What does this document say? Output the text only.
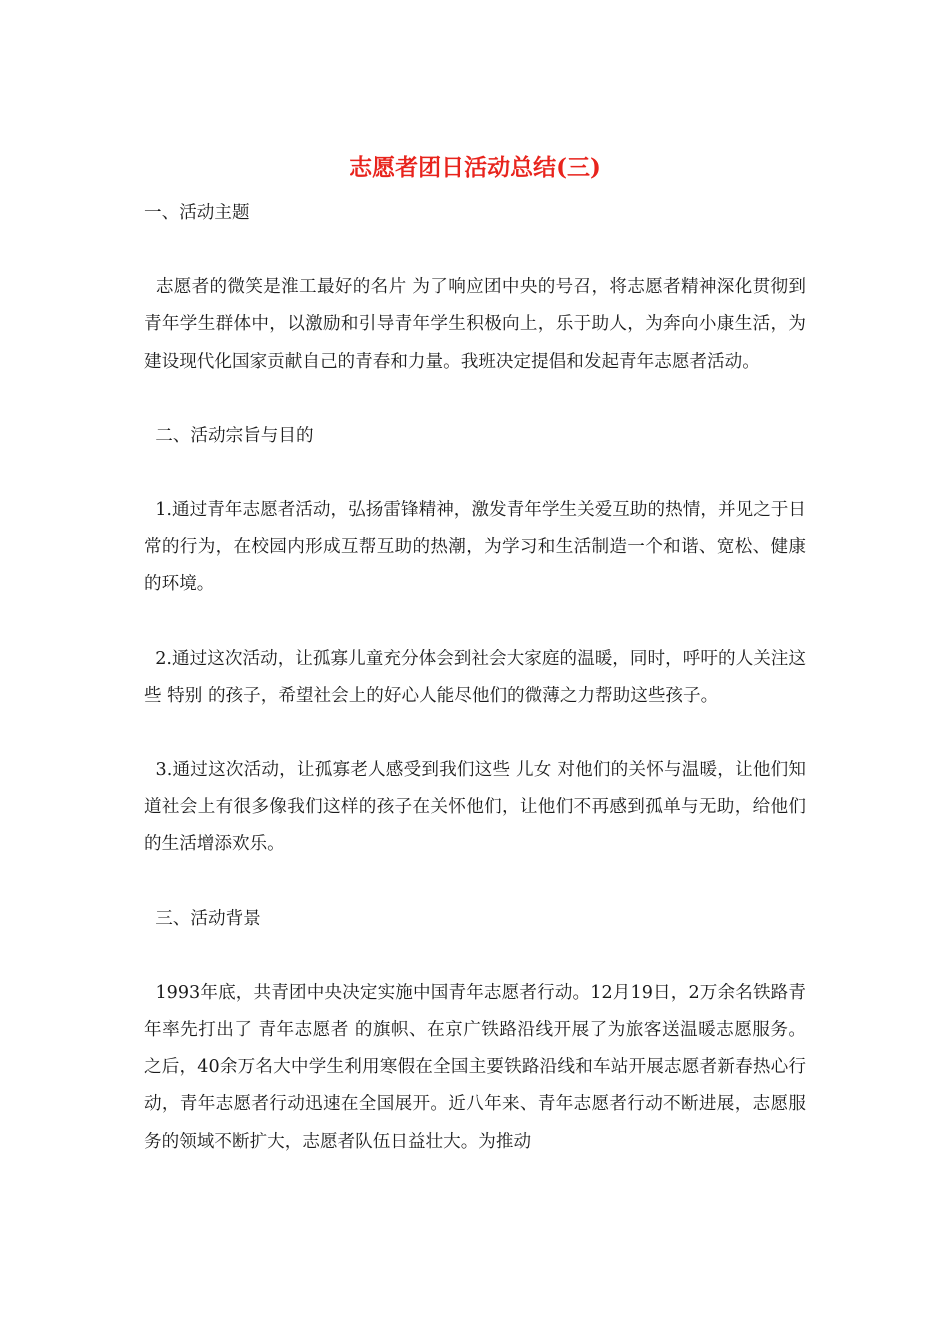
志愿者团日活动总结(三)

一、活动主题

志愿者的微笑是淮工最好的名片 为了响应团中央的号召，将志愿者精神深化贯彻到青年学生群体中，以激励和引导青年学生积极向上，乐于助人，为奔向小康生活，为建设现代化国家贡献自己的青春和力量。我班决定提倡和发起青年志愿者活动。

二、活动宗旨与目的

1.通过青年志愿者活动，弘扬雷锋精神，激发青年学生关爱互助的热情，并见之于日常的行为，在校园内形成互帮互助的热潮，为学习和生活制造一个和谐、宽松、健康的环境。

2.通过这次活动，让孤寡儿童充分体会到社会大家庭的温暖，同时，呼吁的人关注这些 特别 的孩子，希望社会上的好心人能尽他们的微薄之力帮助这些孩子。

3.通过这次活动，让孤寡老人感受到我们这些 儿女 对他们的关怀与温暖，让他们知道社会上有很多像我们这样的孩子在关怀他们，让他们不再感到孤单与无助，给他们的生活增添欢乐。

三、活动背景

1993年底，共青团中央决定实施中国青年志愿者行动。12月19日，2万余名铁路青年率先打出了 青年志愿者 的旗帜、在京广铁路沿线开展了为旅客送温暖志愿服务。之后，40余万名大中学生利用寒假在全国主要铁路沿线和车站开展志愿者新春热心行动，青年志愿者行动迅速在全国展开。近八年来、青年志愿者行动不断进展，志愿服务的领域不断扩大，志愿者队伍日益壮大。为推动
